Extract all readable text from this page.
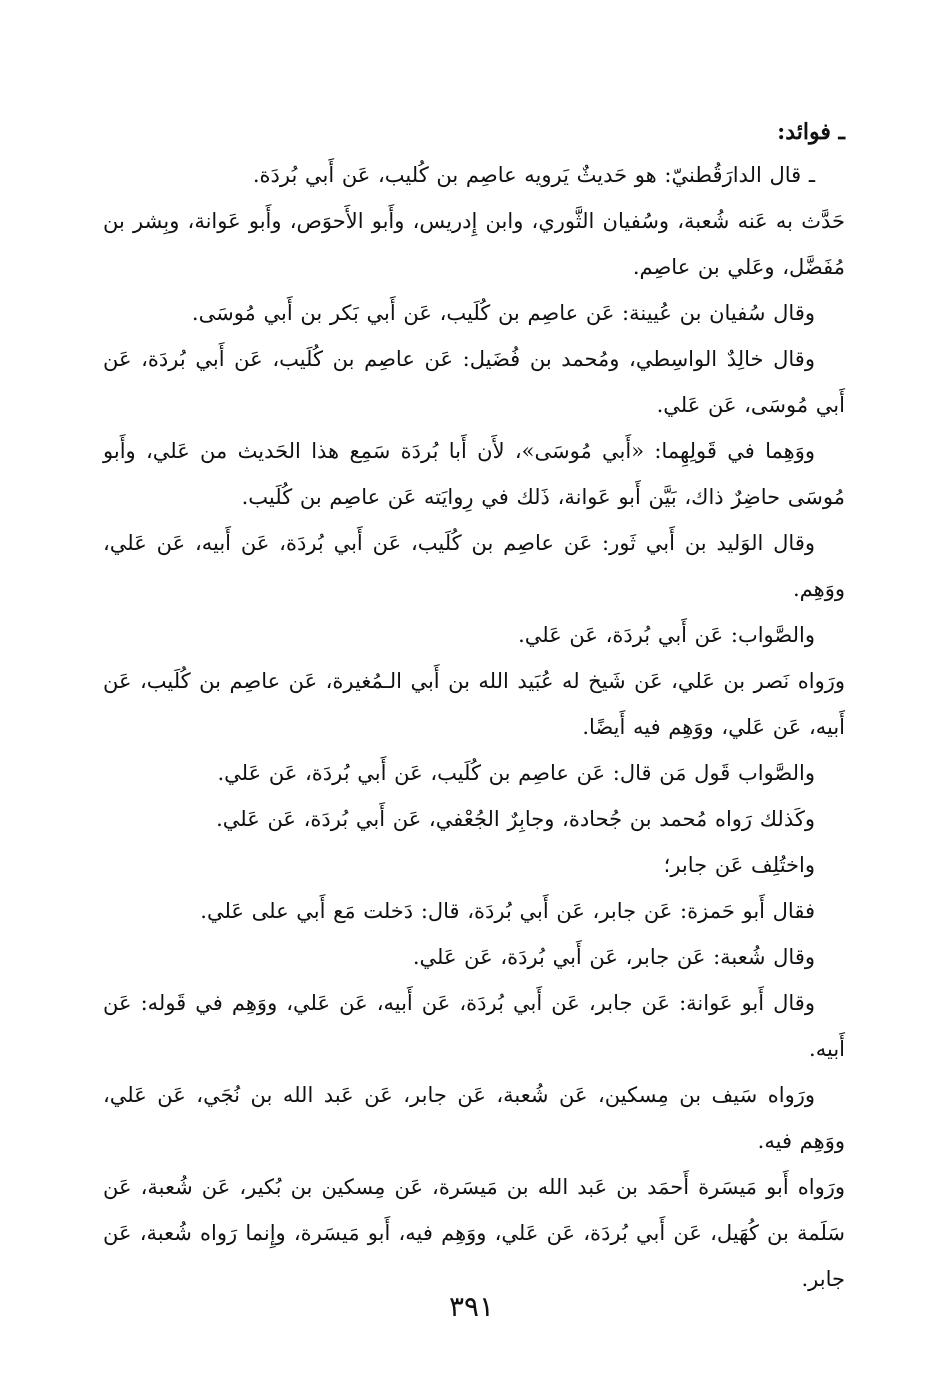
ـ فوائد:

ـ قال الدارَقُطنيّ: هو حَديثٌ يَرويه عاصِم بن كُليب، عَن أَبي بُردَة.

حَدَّث به عَنه شُعبة، وسُفيان الثَّوري، وابن إِدريس، وأَبو الأَحوَص، وأَبو عَوانة، وبِشر بن مُفَضَّل، وعَلي بن عاصِم.

وقال سُفيان بن عُيينة: عَن عاصِم بن كُلَيب، عَن أَبي بَكر بن أَبي مُوسَى.

وقال خالِدٌ الواسِطي، ومُحمد بن فُضَيل: عَن عاصِم بن كُلَيب، عَن أَبي بُردَة، عَن أَبي مُوسَى، عَن عَلي.

ووَهِما في قَولِهِما: «أَبي مُوسَى»، لأَن أَبا بُردَة سَمِع هذا الحَديث من عَلي، وأَبو مُوسَى حاضِرٌ ذاك، بَيَّن أَبو عَوانة، ذَلك في رِوايَته عَن عاصِم بن كُلَيب.

وقال الوَليد بن أَبي ثَور: عَن عاصِم بن كُلَيب، عَن أَبي بُردَة، عَن أَبيه، عَن عَلي، ووَهِم.

والصَّواب: عَن أَبي بُردَة، عَن عَلي.

ورَواه نَصر بن عَلي، عَن شَيخ له عُبَيد الله بن أَبي الـمُغيرة، عَن عاصِم بن كُلَيب، عَن أَبيه، عَن عَلي، ووَهِم فيه أَيضًا.

والصَّواب قَول مَن قال: عَن عاصِم بن كُلَيب، عَن أَبي بُردَة، عَن عَلي.

وكَذلك رَواه مُحمد بن جُحادة، وجابِرٌ الجُعْفي، عَن أَبي بُردَة، عَن عَلي.

واختُلِف عَن جابر؛

فقال أَبو حَمزة: عَن جابر، عَن أَبي بُردَة، قال: دَخلت مَع أَبي على عَلي.

وقال شُعبة: عَن جابر، عَن أَبي بُردَة، عَن عَلي.

وقال أَبو عَوانة: عَن جابر، عَن أَبي بُردَة، عَن أَبيه، عَن عَلي، ووَهِم في قَوله: عَن أَبيه.

ورَواه سَيف بن مِسكين، عَن شُعبة، عَن جابر، عَن عَبد الله بن نُجَي، عَن عَلي، ووَهِم فيه.

ورَواه أَبو مَيسَرة أَحمَد بن عَبد الله بن مَيسَرة، عَن مِسكين بن بُكير، عَن شُعبة، عَن سَلَمة بن كُهَيل، عَن أَبي بُردَة، عَن عَلي، ووَهِم فيه، أَبو مَيسَرة، وإِنما رَواه شُعبة، عَن جابر.

٣٩١
